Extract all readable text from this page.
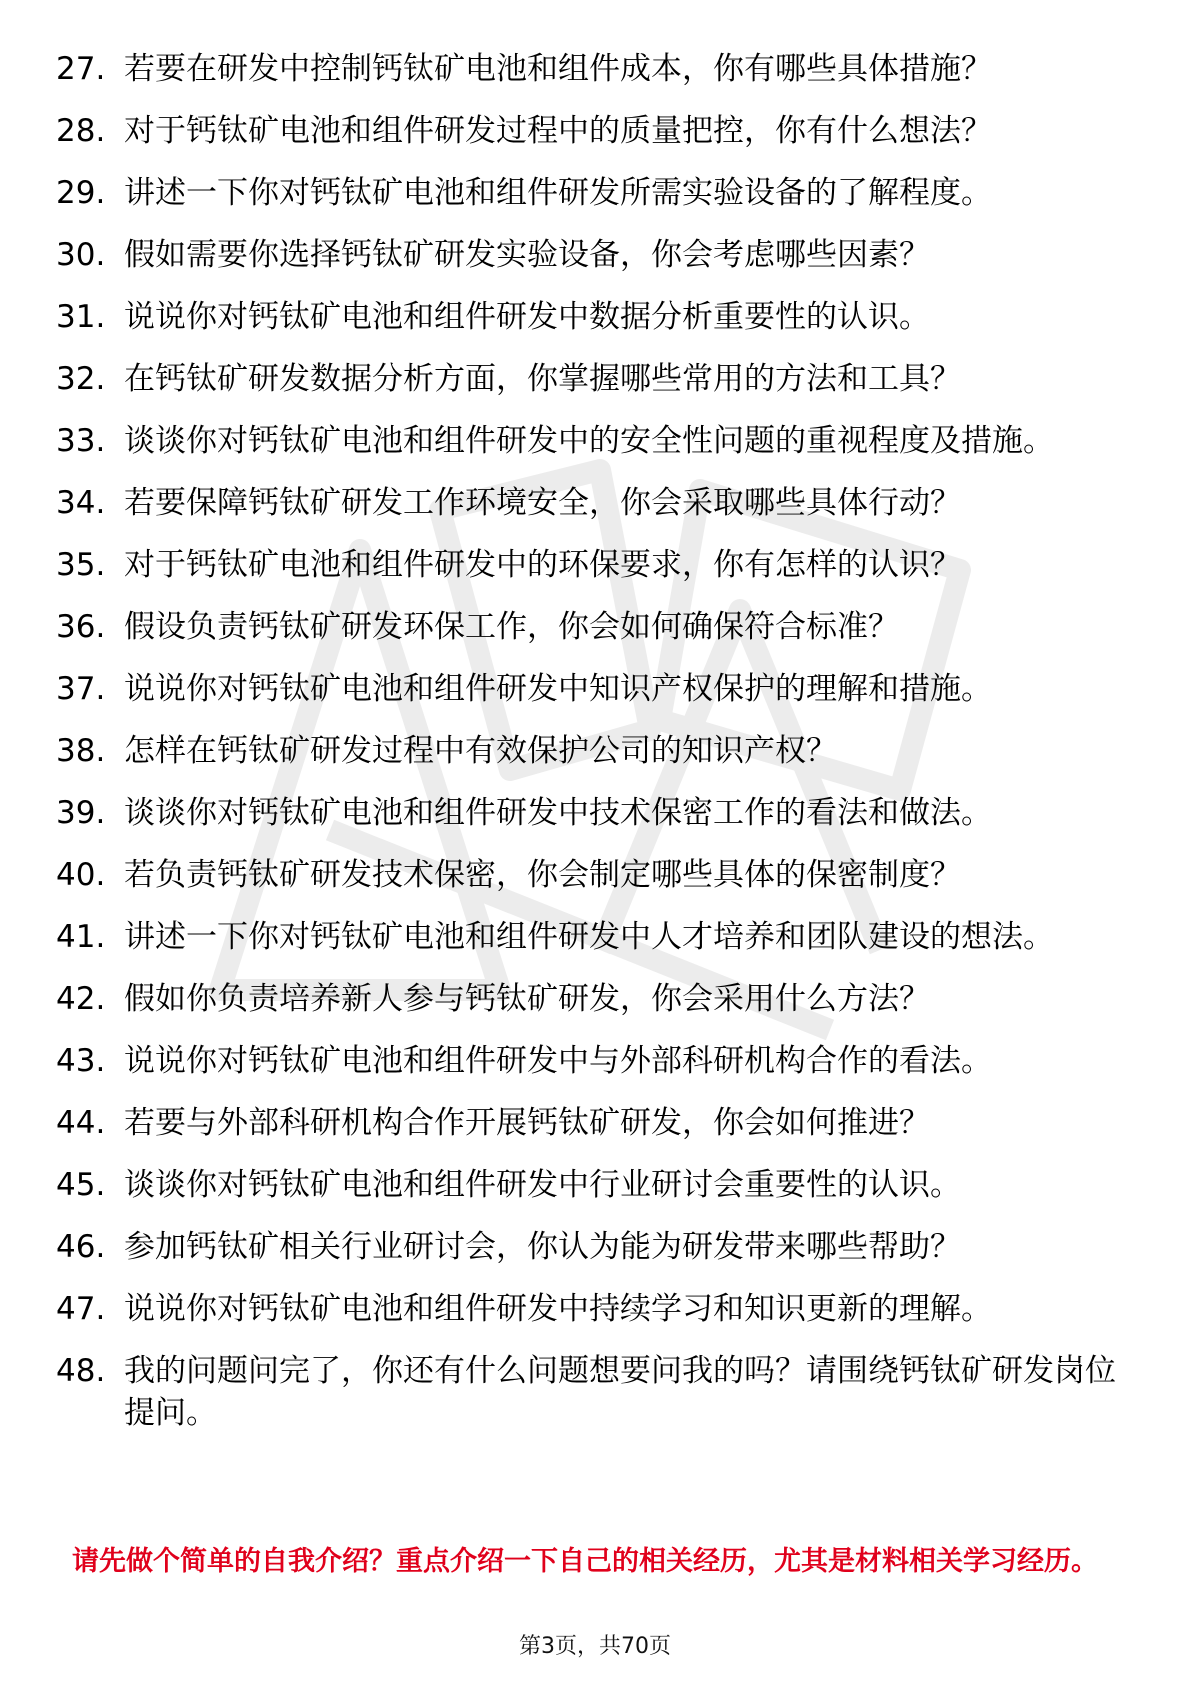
27. 若要在研发中控制钙钛矿电池和组件成本，你有哪些具体措施？
28. 对于钙钛矿电池和组件研发过程中的质量把控，你有什么想法？
29. 讲述一下你对钙钛矿电池和组件研发所需实验设备的了解程度。
30. 假如需要你选择钙钛矿研发实验设备，你会考虑哪些因素？
31. 说说你对钙钛矿电池和组件研发中数据分析重要性的认识。
32. 在钙钛矿研发数据分析方面，你掌握哪些常用的方法和工具？
33. 谈谈你对钙钛矿电池和组件研发中的安全性问题的重视程度及措施。
34. 若要保障钙钛矿研发工作环境安全，你会采取哪些具体行动？
35. 对于钙钛矿电池和组件研发中的环保要求，你有怎样的认识？
36. 假设负责钙钛矿研发环保工作，你会如何确保符合标准？
37. 说说你对钙钛矿电池和组件研发中知识产权保护的理解和措施。
38. 怎样在钙钛矿研发过程中有效保护公司的知识产权？
39. 谈谈你对钙钛矿电池和组件研发中技术保密工作的看法和做法。
40. 若负责钙钛矿研发技术保密，你会制定哪些具体的保密制度？
41. 讲述一下你对钙钛矿电池和组件研发中人才培养和团队建设的想法。
42. 假如你负责培养新人参与钙钛矿研发，你会采用什么方法？
43. 说说你对钙钛矿电池和组件研发中与外部科研机构合作的看法。
44. 若要与外部科研机构合作开展钙钛矿研发，你会如何推进？
45. 谈谈你对钙钛矿电池和组件研发中行业研讨会重要性的认识。
46. 参加钙钛矿相关行业研讨会，你认为能为研发带来哪些帮助？
47. 说说你对钙钛矿电池和组件研发中持续学习和知识更新的理解。
48. 我的问题问完了，你还有什么问题想要问我的吗？请围绕钙钛矿研发岗位提问。

请先做个简单的自我介绍？重点介绍一下自己的相关经历，尤其是材料相关学习经历。

第3页，共70页
